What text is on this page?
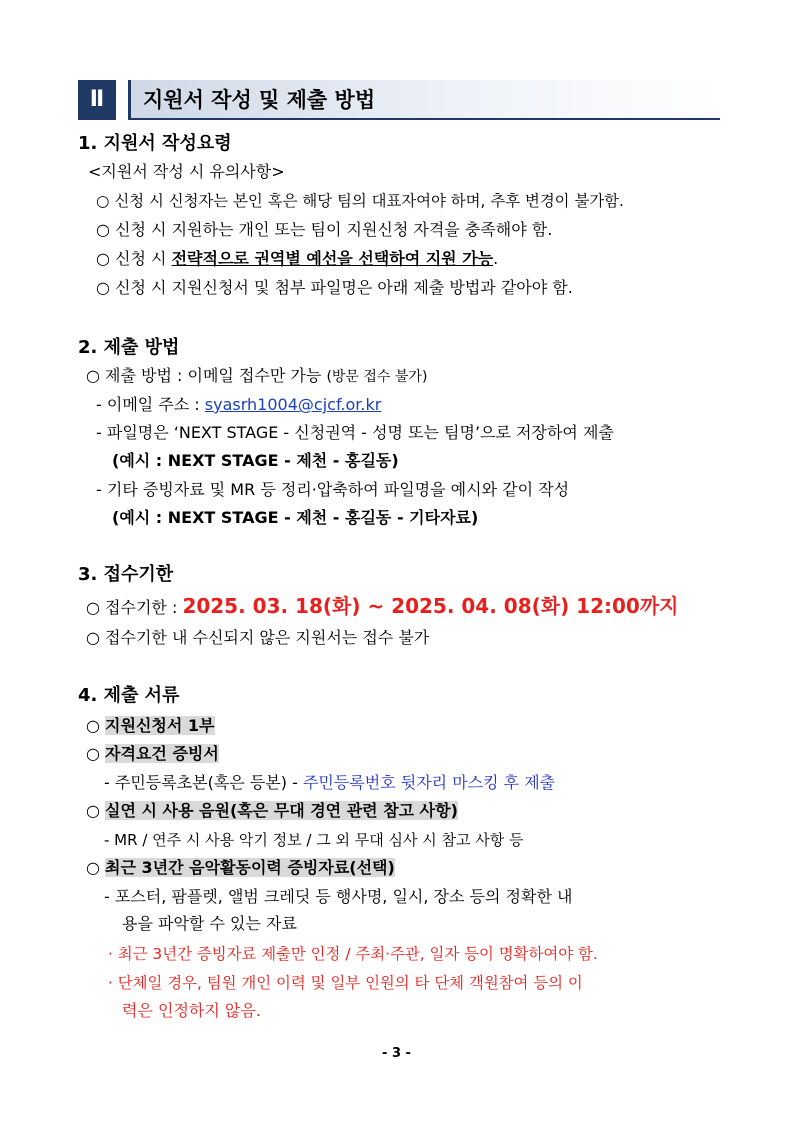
Ⅱ	지원서 작성 및 제출 방법
1. 지원서 작성요령
<지원서 작성 시 유의사항>
○ 신청 시 신청자는 본인 혹은 해당 팀의 대표자여야 하며, 추후 변경이 불가함.
○ 신청 시 지원하는 개인 또는 팀이 지원신청 자격을 충족해야 함.
○ 신청 시 전략적으로 권역별 예선을 선택하여 지원 가능.
○ 신청 시 지원신청서 및 첨부 파일명은 아래 제출 방법과 같아야 함.
2. 제출 방법
○ 제출 방법 : 이메일 접수만 가능 (방문 접수 불가)
- 이메일 주소 : syasrh1004@cjcf.or.kr
- 파일명은 ‘NEXT STAGE - 신청권역 - 성명 또는 팀명’으로 저장하여 제출
(예시 : NEXT STAGE - 제천 - 홍길동)
- 기타 증빙자료 및 MR 등 정리·압축하여 파일명을 예시와 같이 작성
(예시 : NEXT STAGE - 제천 - 홍길동 - 기타자료)
3. 접수기한
○ 접수기한 : 2025. 03. 18(화) ~ 2025. 04. 08(화) 12:00까지
○ 접수기한 내 수신되지 않은 지원서는 접수 불가
4. 제출 서류
○ 지원신청서 1부
○ 자격요건 증빙서
- 주민등록초본(혹은 등본) - 주민등록번호 뒷자리 마스킹 후 제출
○ 실연 시 사용 음원(혹은 무대 경연 관련 참고 사항)
- MR / 연주 시 사용 악기 정보 / 그 외 무대 심사 시 참고 사항 등
○ 최근 3년간 음악활동이력 증빙자료(선택)
- 포스터, 팜플렛, 앨범 크레딧 등 행사명, 일시, 장소 등의 정확한 내
용을 파악할 수 있는 자료
· 최근 3년간 증빙자료 제출만 인정 / 주최·주관, 일자 등이 명확하여야 함.
· 단체일 경우, 팀원 개인 이력 및 일부 인원의 타 단체 객원참여 등의 이
력은 인정하지 않음.
- 3 -
